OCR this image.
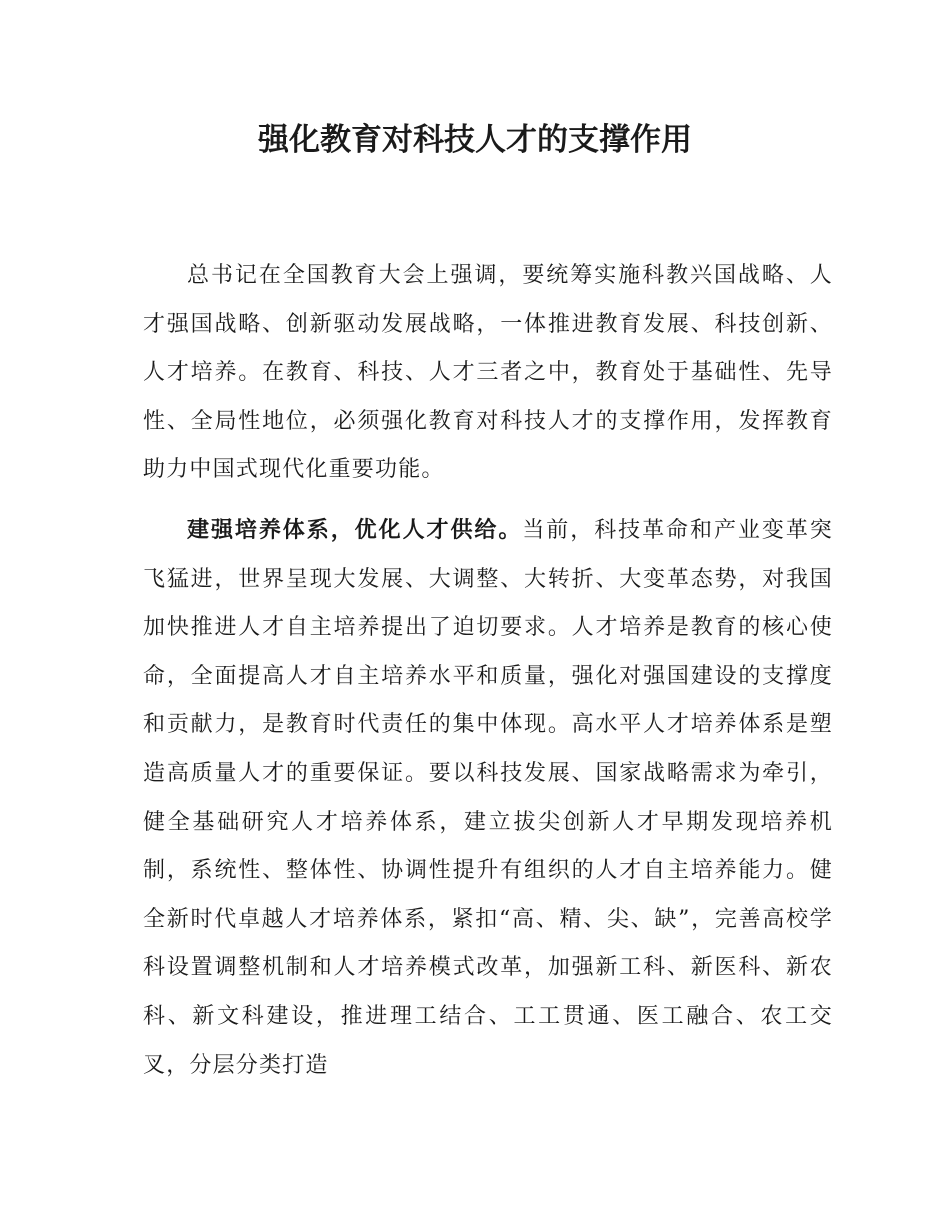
强化教育对科技人才的支撑作用

总书记在全国教育大会上强调，要统筹实施科教兴国战略、人才强国战略、创新驱动发展战略，一体推进教育发展、科技创新、人才培养。在教育、科技、人才三者之中，教育处于基础性、先导性、全局性地位，必须强化教育对科技人才的支撑作用，发挥教育助力中国式现代化重要功能。

建强培养体系，优化人才供给。当前，科技革命和产业变革突飞猛进，世界呈现大发展、大调整、大转折、大变革态势，对我国加快推进人才自主培养提出了迫切要求。人才培养是教育的核心使命，全面提高人才自主培养水平和质量，强化对强国建设的支撑度和贡献力，是教育时代责任的集中体现。高水平人才培养体系是塑造高质量人才的重要保证。要以科技发展、国家战略需求为牵引，健全基础研究人才培养体系，建立拔尖创新人才早期发现培养机制，系统性、整体性、协调性提升有组织的人才自主培养能力。健全新时代卓越人才培养体系，紧扣“高、精、尖、缺”，完善高校学科设置调整机制和人才培养模式改革，加强新工科、新医科、新农科、新文科建设，推进理工结合、工工贯通、医工融合、农工交叉，分层分类打造
